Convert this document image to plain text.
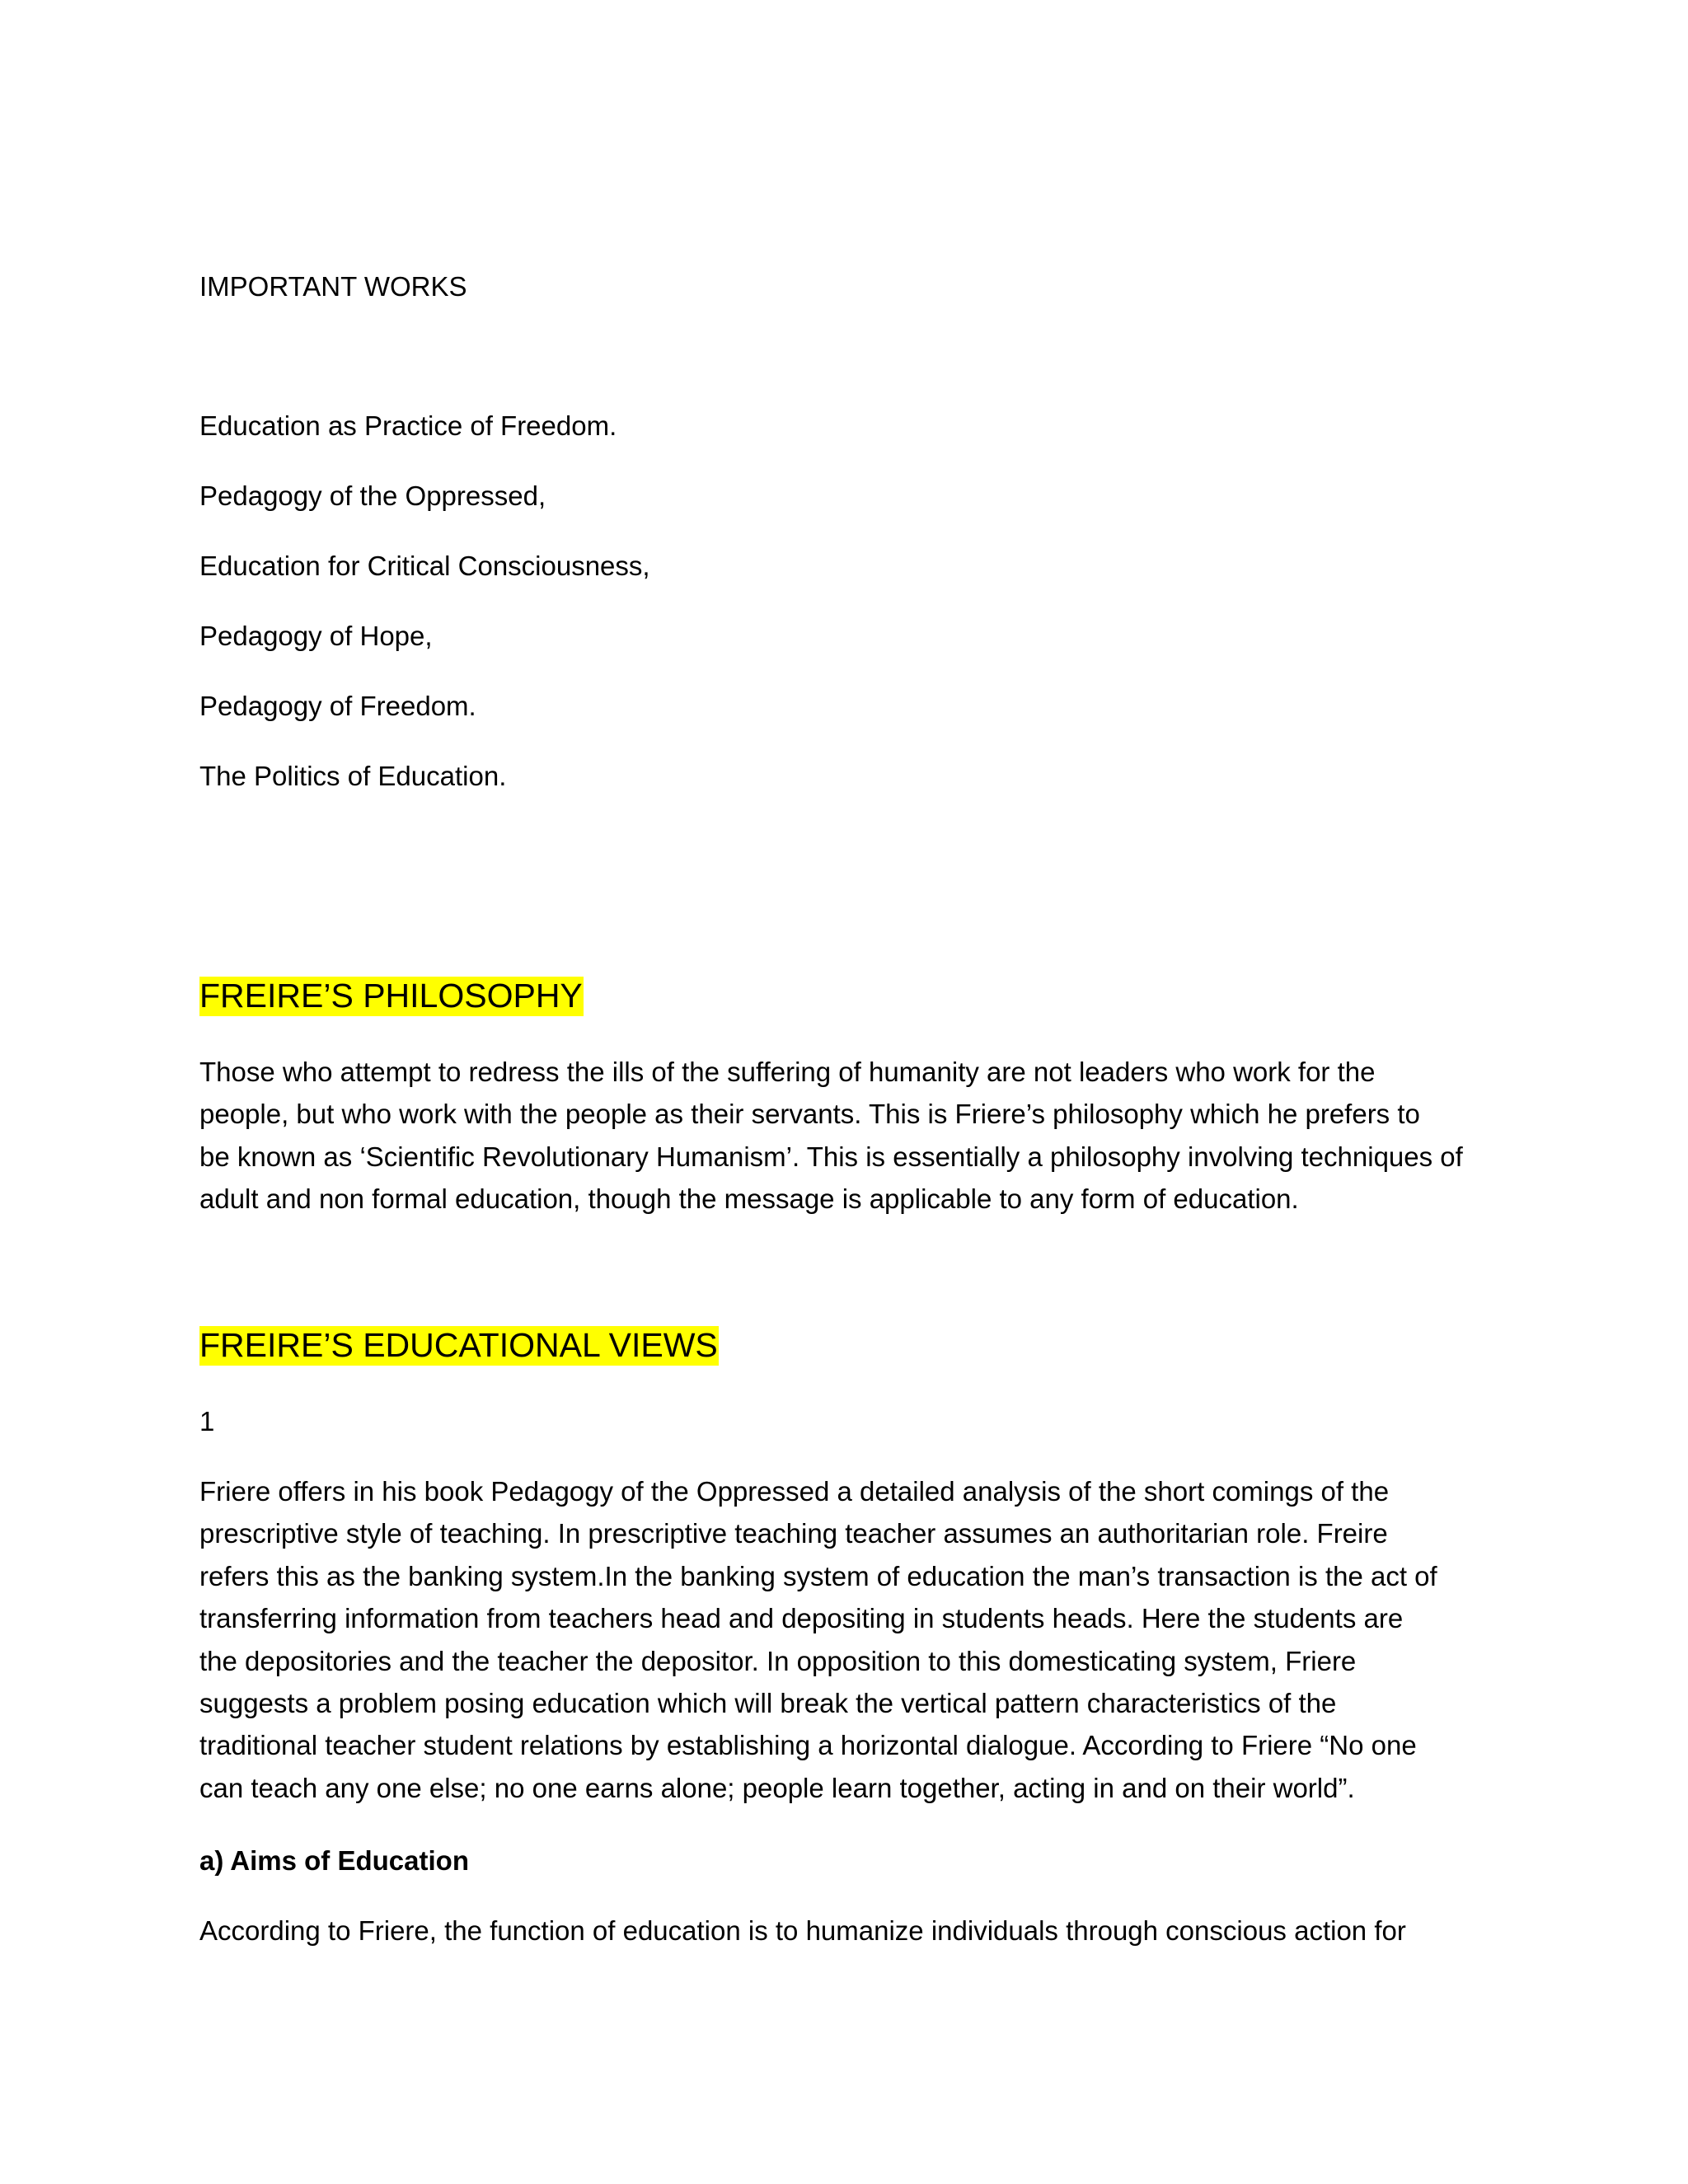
IMPORTANT WORKS
Education as Practice of Freedom.
Pedagogy of the Oppressed,
Education for Critical Consciousness,
Pedagogy of Hope,
Pedagogy of Freedom.
The Politics of Education.
FREIRE’S PHILOSOPHY
Those who attempt to redress the ills of the suffering of humanity are not leaders who work for the
people, but who work with the people as their servants. This is Friere’s philosophy which he prefers to
be known as ‘Scientific Revolutionary Humanism’. This is essentially a philosophy involving techniques of
adult and non formal education, though the message is applicable to any form of education.
FREIRE’S EDUCATIONAL VIEWS
1
Friere offers in his book Pedagogy of the Oppressed a detailed analysis of the short comings of the
prescriptive style of teaching. In prescriptive teaching teacher assumes an authoritarian role. Freire
refers this as the banking system.In the banking system of education the man’s transaction is the act of
transferring information from teachers head and depositing in students heads. Here the students are
the depositories and the teacher the depositor. In opposition to this domesticating system, Friere
suggests a problem posing education which will break the vertical pattern characteristics of the
traditional teacher student relations by establishing a horizontal dialogue. According to Friere “No one
can teach any one else; no one earns alone; people learn together, acting in and on their world”.
a) Aims of Education
According to Friere, the function of education is to humanize individuals through conscious action for
